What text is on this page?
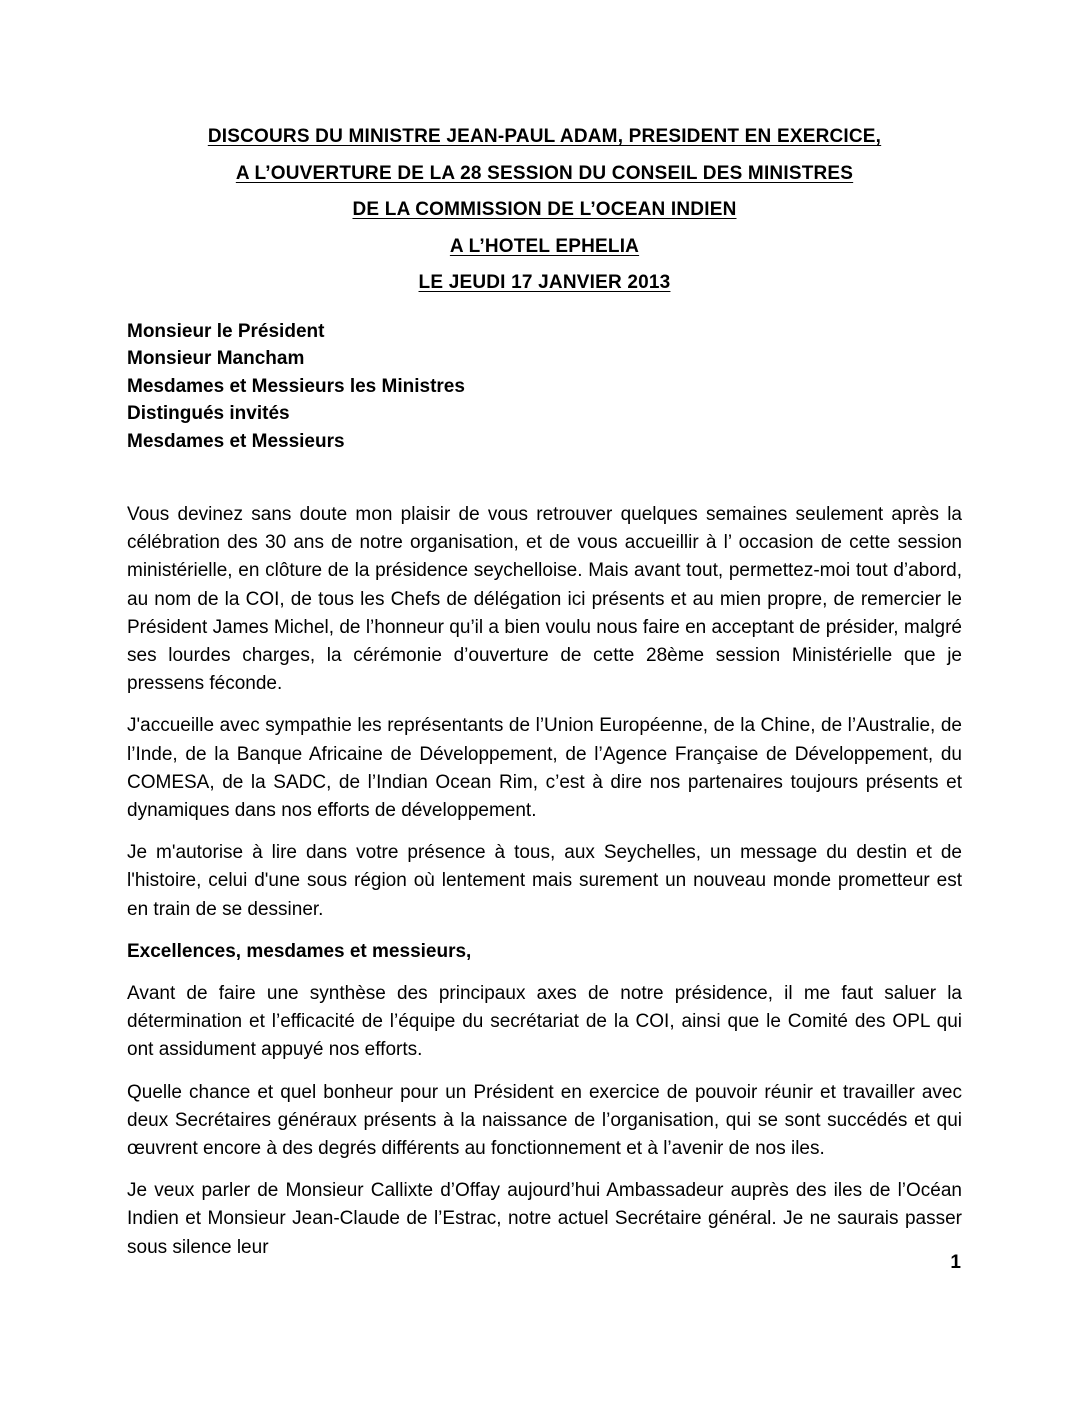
DISCOURS DU MINISTRE JEAN-PAUL ADAM, PRESIDENT EN EXERCICE,
A L’OUVERTURE DE LA 28 SESSION DU CONSEIL DES MINISTRES
DE LA COMMISSION DE L’OCEAN INDIEN
A L’HOTEL EPHELIA
LE JEUDI 17 JANVIER 2013
Monsieur le Président
Monsieur Mancham
Mesdames et Messieurs les Ministres
Distingués invités
Mesdames et Messieurs

Vous devinez sans doute mon plaisir de vous retrouver quelques semaines seulement après la célébration des 30 ans de notre organisation, et de vous accueillir à l’ occasion de cette session ministérielle, en clôture de la présidence seychelloise. Mais avant tout, permettez-moi tout d’abord, au nom de la COI, de tous les Chefs de délégation ici présents et au mien propre, de remercier le Président James Michel, de l’honneur qu’il a bien voulu nous faire en acceptant de présider, malgré ses lourdes charges, la cérémonie d’ouverture de cette 28ème session Ministérielle que je pressens féconde.

J'accueille avec sympathie les représentants de l’Union Européenne, de la Chine, de l’Australie, de l’Inde, de la Banque Africaine de Développement, de l’Agence Française de Développement, du COMESA, de la SADC, de l’Indian Ocean Rim, c’est à dire nos partenaires toujours présents et dynamiques dans nos efforts de développement.

Je m'autorise à lire dans votre présence à tous, aux Seychelles, un message du destin et de l'histoire, celui d'une sous région où lentement mais surement un nouveau monde prometteur est en train de se dessiner.

Excellences, mesdames et messieurs,

Avant de faire une synthèse des principaux axes de notre présidence, il me faut saluer la détermination et l’efficacité de l’équipe du secrétariat de la COI, ainsi que le Comité des OPL qui ont assidument appuyé nos efforts.

Quelle chance et quel bonheur pour un Président en exercice de pouvoir réunir et travailler avec deux Secrétaires généraux présents à la naissance de l’organisation, qui se sont succédés et qui œuvrent encore à des degrés différents au fonctionnement et à l’avenir de nos iles.

Je veux parler de Monsieur Callixte d’Offay aujourd’hui Ambassadeur auprès des iles de l’Océan Indien et Monsieur Jean-Claude de l’Estrac, notre actuel Secrétaire général. Je ne saurais passer sous silence leur

1
